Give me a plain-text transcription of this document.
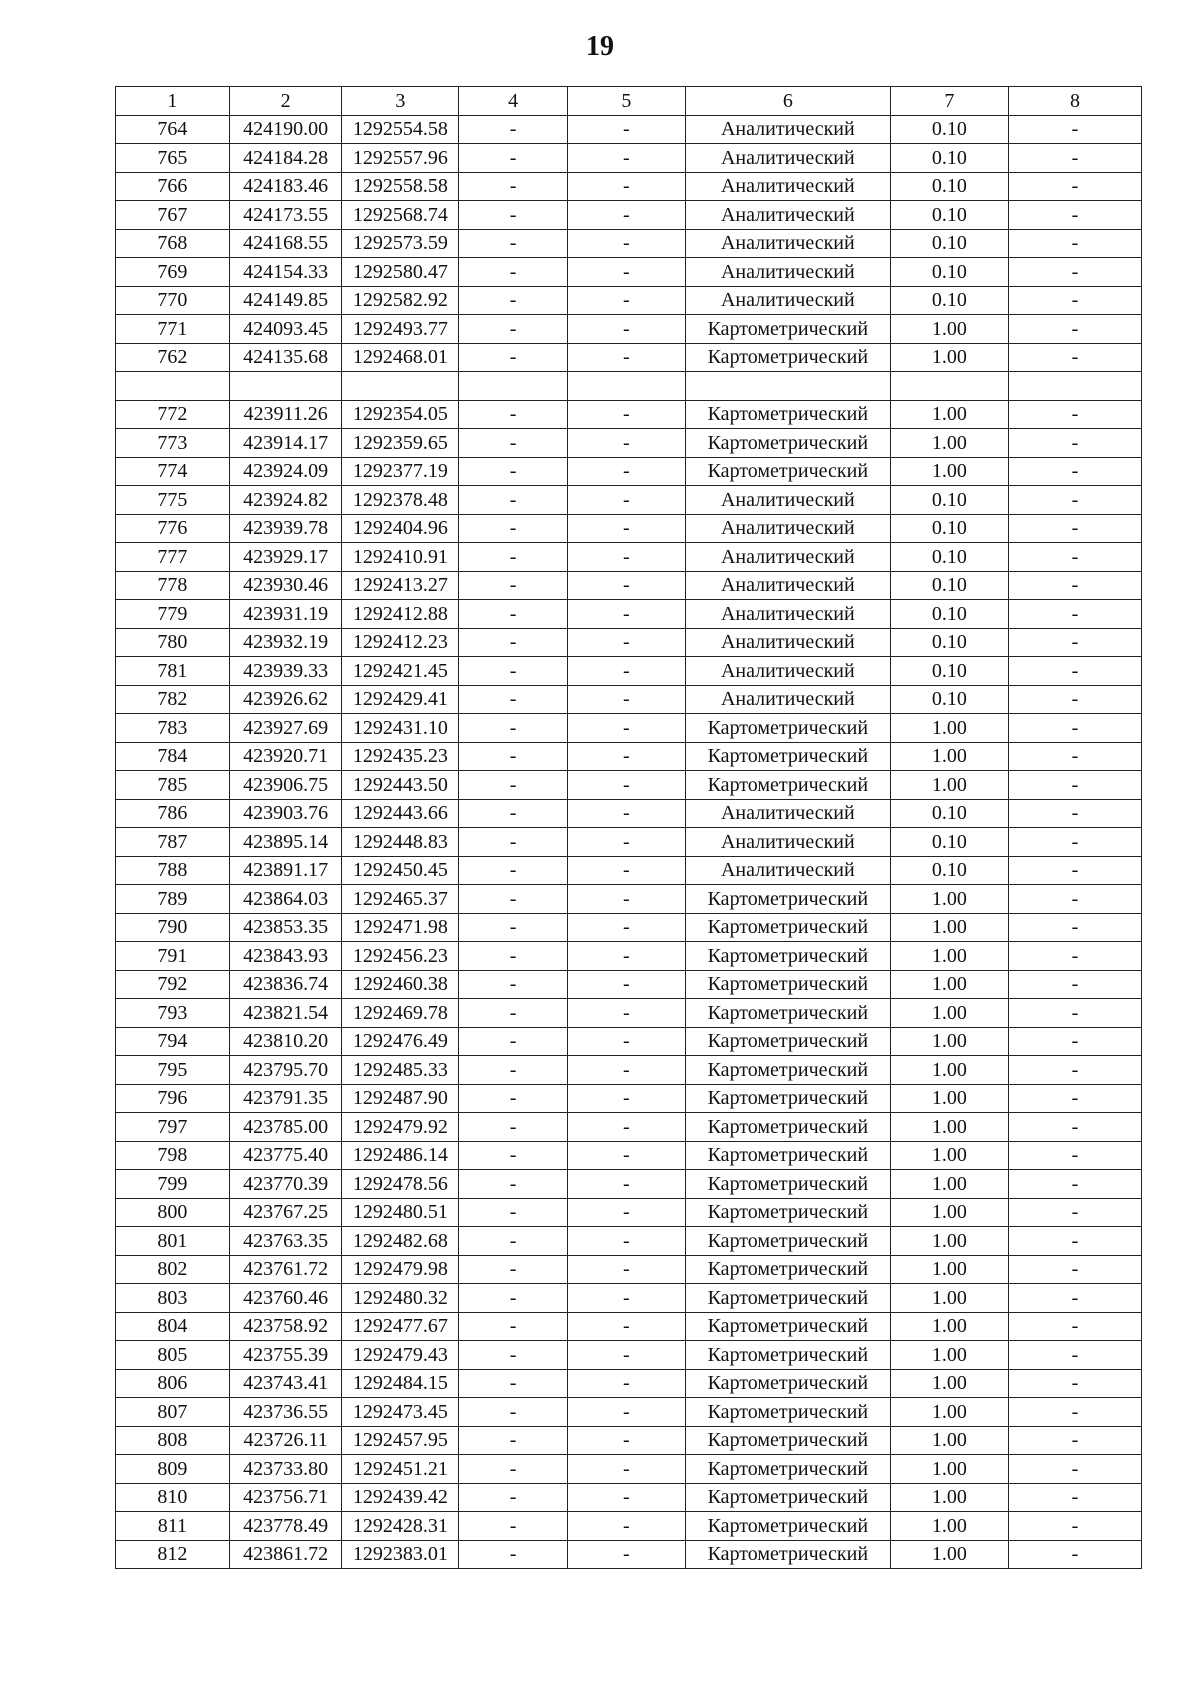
19
1	2	3	4	5	6	7	8
764	424190.00	1292554.58	-	-	Аналитический	0.10	-
765	424184.28	1292557.96	-	-	Аналитический	0.10	-
766	424183.46	1292558.58	-	-	Аналитический	0.10	-
767	424173.55	1292568.74	-	-	Аналитический	0.10	-
768	424168.55	1292573.59	-	-	Аналитический	0.10	-
769	424154.33	1292580.47	-	-	Аналитический	0.10	-
770	424149.85	1292582.92	-	-	Аналитический	0.10	-
771	424093.45	1292493.77	-	-	Картометрический	1.00	-
762	424135.68	1292468.01	-	-	Картометрический	1.00	-

772	423911.26	1292354.05	-	-	Картометрический	1.00	-
773	423914.17	1292359.65	-	-	Картометрический	1.00	-
774	423924.09	1292377.19	-	-	Картометрический	1.00	-
775	423924.82	1292378.48	-	-	Аналитический	0.10	-
776	423939.78	1292404.96	-	-	Аналитический	0.10	-
777	423929.17	1292410.91	-	-	Аналитический	0.10	-
778	423930.46	1292413.27	-	-	Аналитический	0.10	-
779	423931.19	1292412.88	-	-	Аналитический	0.10	-
780	423932.19	1292412.23	-	-	Аналитический	0.10	-
781	423939.33	1292421.45	-	-	Аналитический	0.10	-
782	423926.62	1292429.41	-	-	Аналитический	0.10	-
783	423927.69	1292431.10	-	-	Картометрический	1.00	-
784	423920.71	1292435.23	-	-	Картометрический	1.00	-
785	423906.75	1292443.50	-	-	Картометрический	1.00	-
786	423903.76	1292443.66	-	-	Аналитический	0.10	-
787	423895.14	1292448.83	-	-	Аналитический	0.10	-
788	423891.17	1292450.45	-	-	Аналитический	0.10	-
789	423864.03	1292465.37	-	-	Картометрический	1.00	-
790	423853.35	1292471.98	-	-	Картометрический	1.00	-
791	423843.93	1292456.23	-	-	Картометрический	1.00	-
792	423836.74	1292460.38	-	-	Картометрический	1.00	-
793	423821.54	1292469.78	-	-	Картометрический	1.00	-
794	423810.20	1292476.49	-	-	Картометрический	1.00	-
795	423795.70	1292485.33	-	-	Картометрический	1.00	-
796	423791.35	1292487.90	-	-	Картометрический	1.00	-
797	423785.00	1292479.92	-	-	Картометрический	1.00	-
798	423775.40	1292486.14	-	-	Картометрический	1.00	-
799	423770.39	1292478.56	-	-	Картометрический	1.00	-
800	423767.25	1292480.51	-	-	Картометрический	1.00	-
801	423763.35	1292482.68	-	-	Картометрический	1.00	-
802	423761.72	1292479.98	-	-	Картометрический	1.00	-
803	423760.46	1292480.32	-	-	Картометрический	1.00	-
804	423758.92	1292477.67	-	-	Картометрический	1.00	-
805	423755.39	1292479.43	-	-	Картометрический	1.00	-
806	423743.41	1292484.15	-	-	Картометрический	1.00	-
807	423736.55	1292473.45	-	-	Картометрический	1.00	-
808	423726.11	1292457.95	-	-	Картометрический	1.00	-
809	423733.80	1292451.21	-	-	Картометрический	1.00	-
810	423756.71	1292439.42	-	-	Картометрический	1.00	-
811	423778.49	1292428.31	-	-	Картометрический	1.00	-
812	423861.72	1292383.01	-	-	Картометрический	1.00	-
